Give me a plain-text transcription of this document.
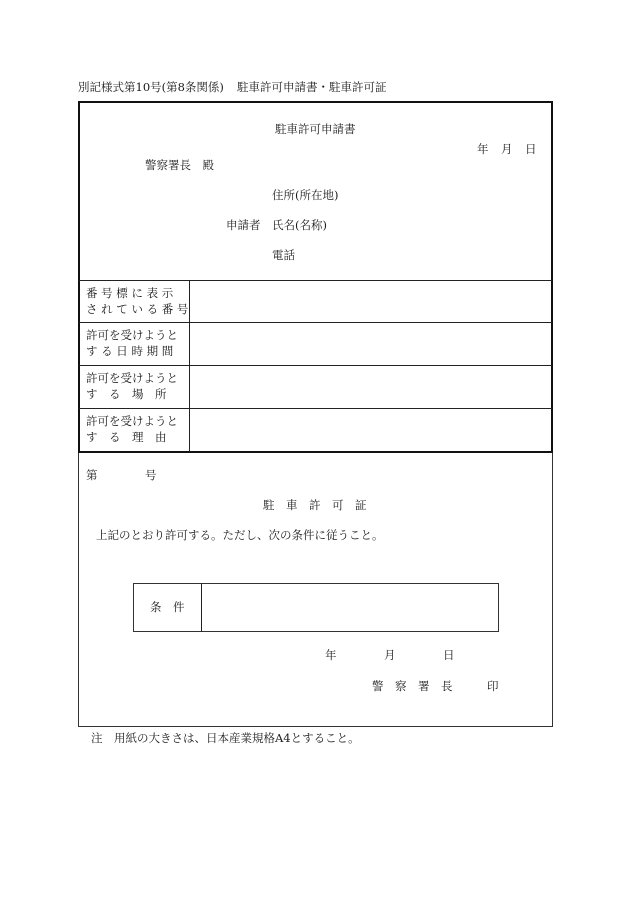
別記様式第10号(第8条関係) 駐車許可申請書・駐車許可証
駐車許可申請書
年 月 日
警察署長　殿
住所(所在地)
申請者 氏名(名称)
電話
番 号 標 に 表 示
さ れ て い る 番 号
許可を受けようと
す る 日 時 期 間
許可を受けようと
す　る　場　所
許可を受けようと
す　る　理　由
第	号
駐　車　許　可　証
上記のとおり許可する。ただし、次の条件に従うこと。
条　件
年	月	日
警　察　署　長	印
注　用紙の大きさは、日本産業規格A4とすること。
